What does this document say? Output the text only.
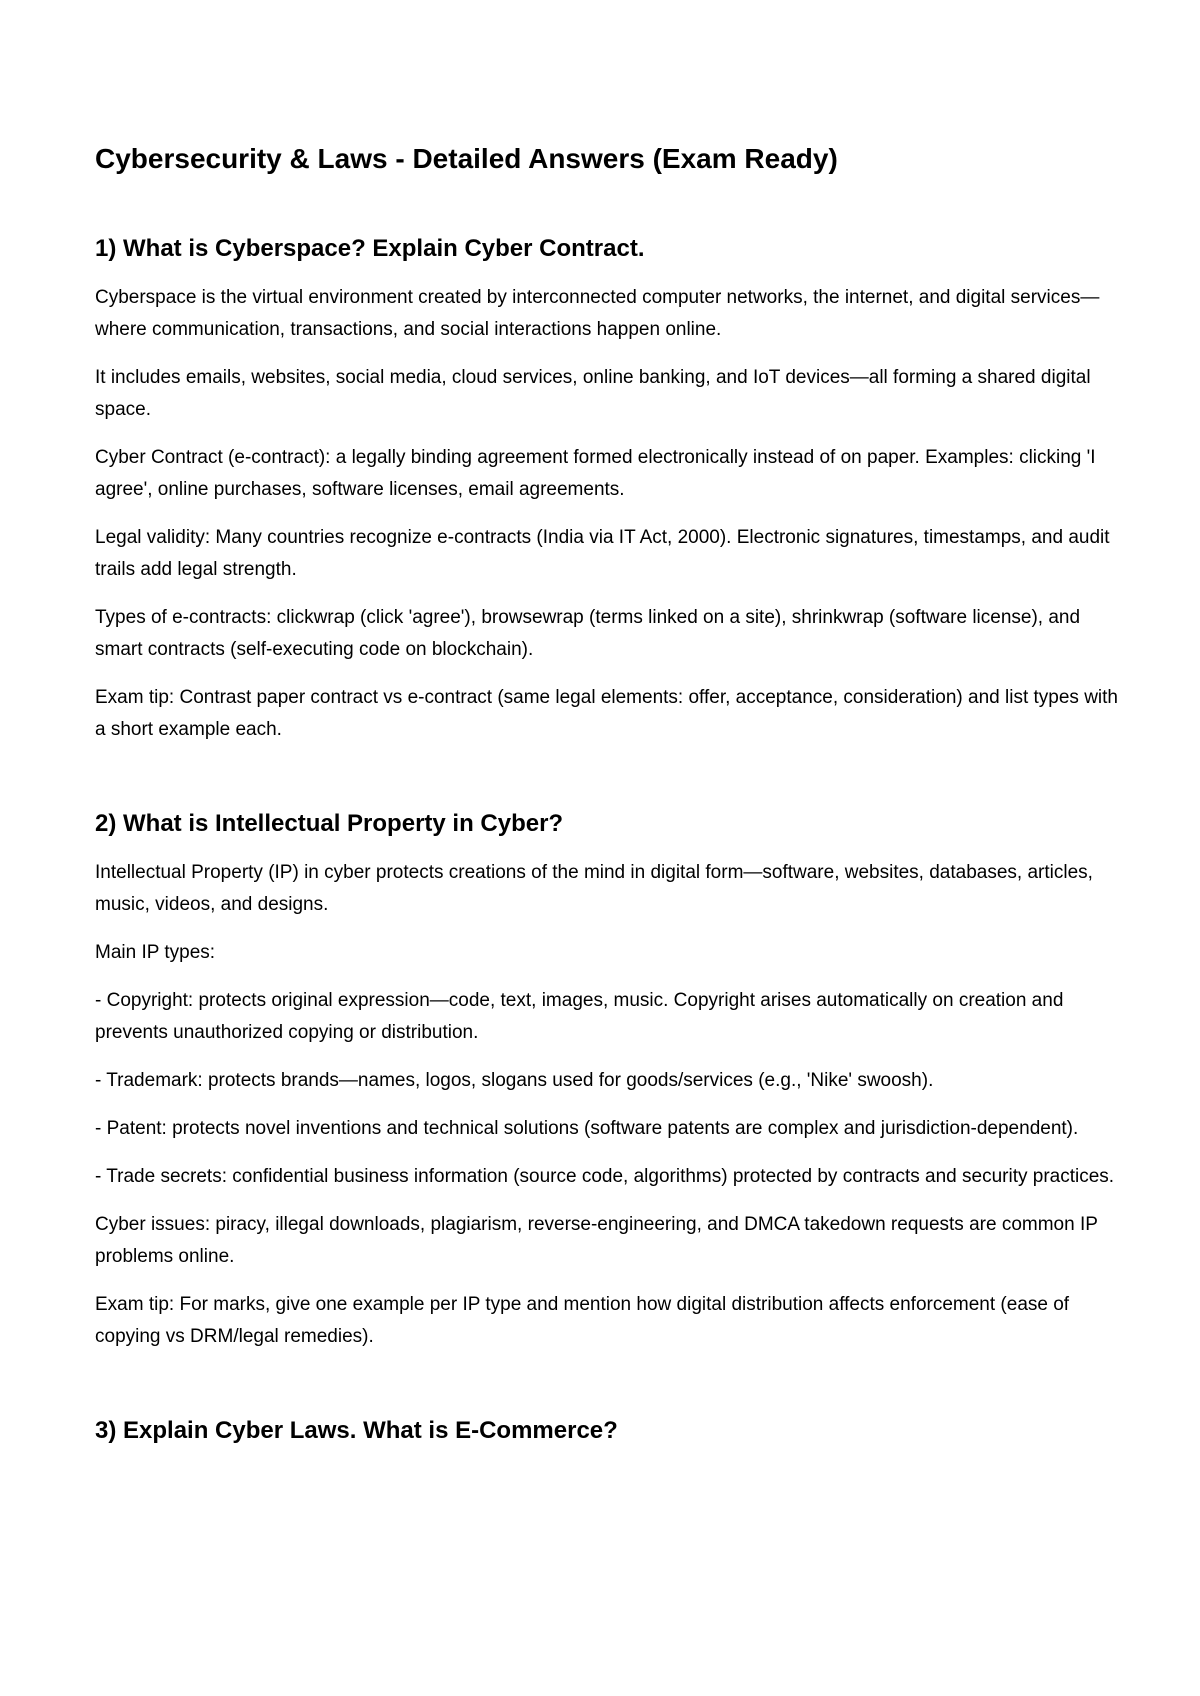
Cybersecurity & Laws - Detailed Answers (Exam Ready)
1) What is Cyberspace? Explain Cyber Contract.

Cyberspace is the virtual environment created by interconnected computer networks, the internet, and digital services—where communication, transactions, and social interactions happen online.

It includes emails, websites, social media, cloud services, online banking, and IoT devices—all forming a shared digital space.

Cyber Contract (e-contract): a legally binding agreement formed electronically instead of on paper. Examples: clicking 'I agree', online purchases, software licenses, email agreements.

Legal validity: Many countries recognize e-contracts (India via IT Act, 2000). Electronic signatures, timestamps, and audit trails add legal strength.

Types of e-contracts: clickwrap (click 'agree'), browsewrap (terms linked on a site), shrinkwrap (software license), and smart contracts (self-executing code on blockchain).

Exam tip: Contrast paper contract vs e-contract (same legal elements: offer, acceptance, consideration) and list types with a short example each.

2) What is Intellectual Property in Cyber?

Intellectual Property (IP) in cyber protects creations of the mind in digital form—software, websites, databases, articles, music, videos, and designs.

Main IP types:

- Copyright: protects original expression—code, text, images, music. Copyright arises automatically on creation and prevents unauthorized copying or distribution.

- Trademark: protects brands—names, logos, slogans used for goods/services (e.g., 'Nike' swoosh).

- Patent: protects novel inventions and technical solutions (software patents are complex and jurisdiction-dependent).

- Trade secrets: confidential business information (source code, algorithms) protected by contracts and security practices.

Cyber issues: piracy, illegal downloads, plagiarism, reverse-engineering, and DMCA takedown requests are common IP problems online.

Exam tip: For marks, give one example per IP type and mention how digital distribution affects enforcement (ease of copying vs DRM/legal remedies).

3) Explain Cyber Laws. What is E-Commerce?
